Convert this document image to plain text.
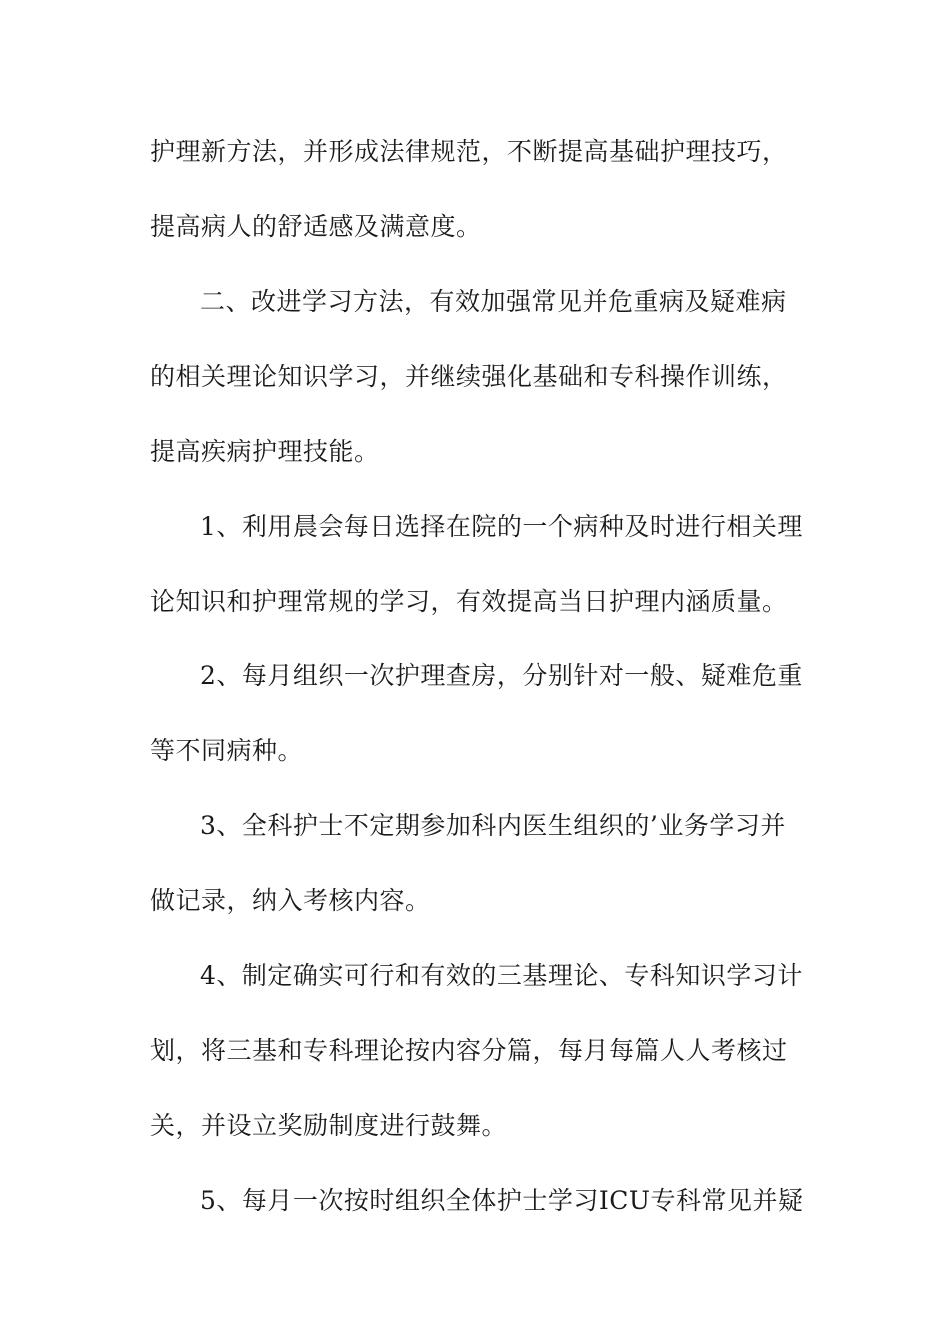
护理新方法，并形成法律规范，不断提高基础护理技巧，
提高病人的舒适感及满意度。
二、改进学习方法，有效加强常见并危重病及疑难病
的相关理论知识学习，并继续强化基础和专科操作训练，
提高疾病护理技能。
1、利用晨会每日选择在院的一个病种及时进行相关理
论知识和护理常规的学习，有效提高当日护理内涵质量。
2、每月组织一次护理查房，分别针对一般、疑难危重
等不同病种。
3、全科护士不定期参加科内医生组织的’业务学习并
做记录，纳入考核内容。
4、制定确实可行和有效的三基理论、专科知识学习计
划，将三基和专科理论按内容分篇，每月每篇人人考核过
关，并设立奖励制度进行鼓舞。
5、每月一次按时组织全体护士学习ICU专科常见并疑
